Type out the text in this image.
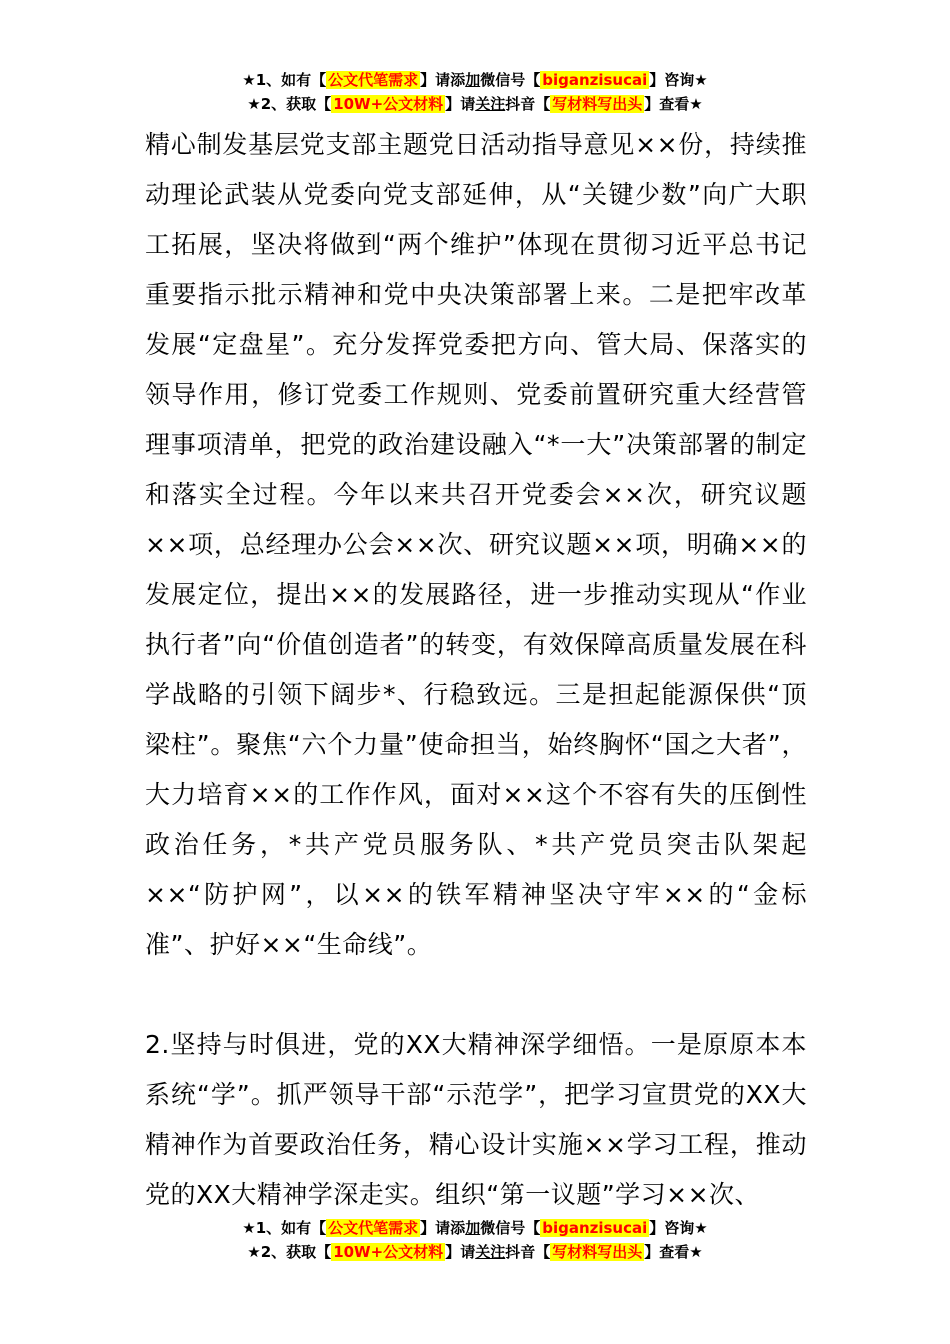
★1、如有【 公文代笔需求 】请添加微信号【 biganzisucai 】咨询★
★2、获取【 10W+公文材料 】请关注抖音【 写材料写出头 】查看★

精心制发基层党支部主题党日活动指导意见××份，持续推动理论武装从党委向党支部延伸，从“关键少数”向广大职工拓展，坚决将做到“两个维护”体现在贯彻习近平总书记重要指示批示精神和党中央决策部署上来。二是把牢改革发展“定盘星”。充分发挥党委把方向、管大局、保落实的领导作用，修订党委工作规则、党委前置研究重大经营管理事项清单，把党的政治建设融入“*一大”决策部署的制定和落实全过程。今年以来共召开党委会××次，研究议题××项，总经理办公会××次、研究议题××项，明确××的发展定位，提出××的发展路径，进一步推动实现从“作业执行者”向“价值创造者”的转变，有效保障高质量发展在科学战略的引领下阔步*、行稳致远。三是担起能源保供“顶梁柱”。聚焦“六个力量”使命担当，始终胸怀“国之大者”，大力培育××的工作作风，面对××这个不容有失的压倒性政治任务，*共产党员服务队、*共产党员突击队架起××“防护网”，以××的铁军精神坚决守牢××的“金标准”、护好××“生命线”。

2.坚持与时俱进，党的XX大精神深学细悟。一是原原本本系统“学”。抓严领导干部“示范学”，把学习宣贯党的XX大精神作为首要政治任务，精心设计实施××学习工程，推动党的XX大精神学深走实。组织“第一议题”学习××次、

★1、如有【 公文代笔需求 】请添加微信号【 biganzisucai 】咨询★
★2、获取【 10W+公文材料 】请关注抖音【 写材料写出头 】查看★
